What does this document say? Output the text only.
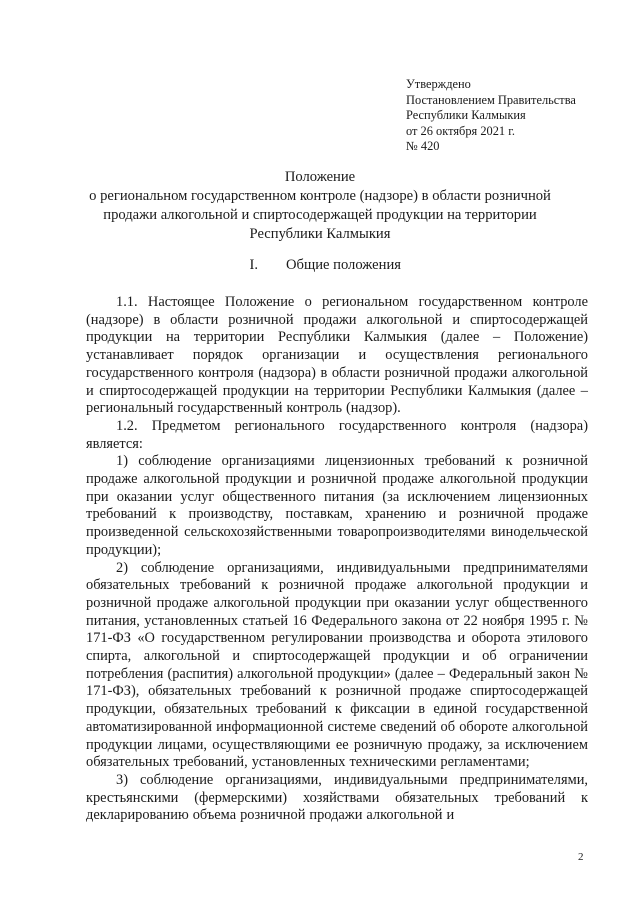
Утверждено
Постановлением Правительства
Республики Калмыкия
от 26 октября 2021 г.
№ 420
Положение
о региональном государственном контроле (надзоре) в области розничной
продажи алкогольной и спиртосодержащей продукции на территории
Республики Калмыкия
I. Общие положения

1.1. Настоящее Положение о региональном государственном контроле (надзоре) в области розничной продажи алкогольной и спиртосодержащей продукции на территории Республики Калмыкия (далее – Положение) устанавливает порядок организации и осуществления регионального государственного контроля (надзора) в области розничной продажи алкогольной и спиртосодержащей продукции на территории Республики Калмыкия (далее – региональный государственный контроль (надзор).

1.2. Предметом регионального государственного контроля (надзора) является:

1) соблюдение организациями лицензионных требований к розничной продаже алкогольной продукции и розничной продаже алкогольной продукции при оказании услуг общественного питания (за исключением лицензионных требований к производству, поставкам, хранению и розничной продаже произведенной сельскохозяйственными товаропроизводителями винодельческой продукции);

2) соблюдение организациями, индивидуальными предпринимателями обязательных требований к розничной продаже алкогольной продукции и розничной продаже алкогольной продукции при оказании услуг общественного питания, установленных статьей 16 Федерального закона от 22 ноября 1995 г. № 171-ФЗ «О государственном регулировании производства и оборота этилового спирта, алкогольной и спиртосодержащей продукции и об ограничении потребления (распития) алкогольной продукции» (далее – Федеральный закон № 171-ФЗ), обязательных требований к розничной продаже спиртосодержащей продукции, обязательных требований к фиксации в единой государственной автоматизированной информационной системе сведений об обороте алкогольной продукции лицами, осуществляющими ее розничную продажу, за исключением обязательных требований, установленных техническими регламентами;

3) соблюдение организациями, индивидуальными предпринимателями, крестьянскими (фермерскими) хозяйствами обязательных требований к декларированию объема розничной продажи алкогольной и

2
